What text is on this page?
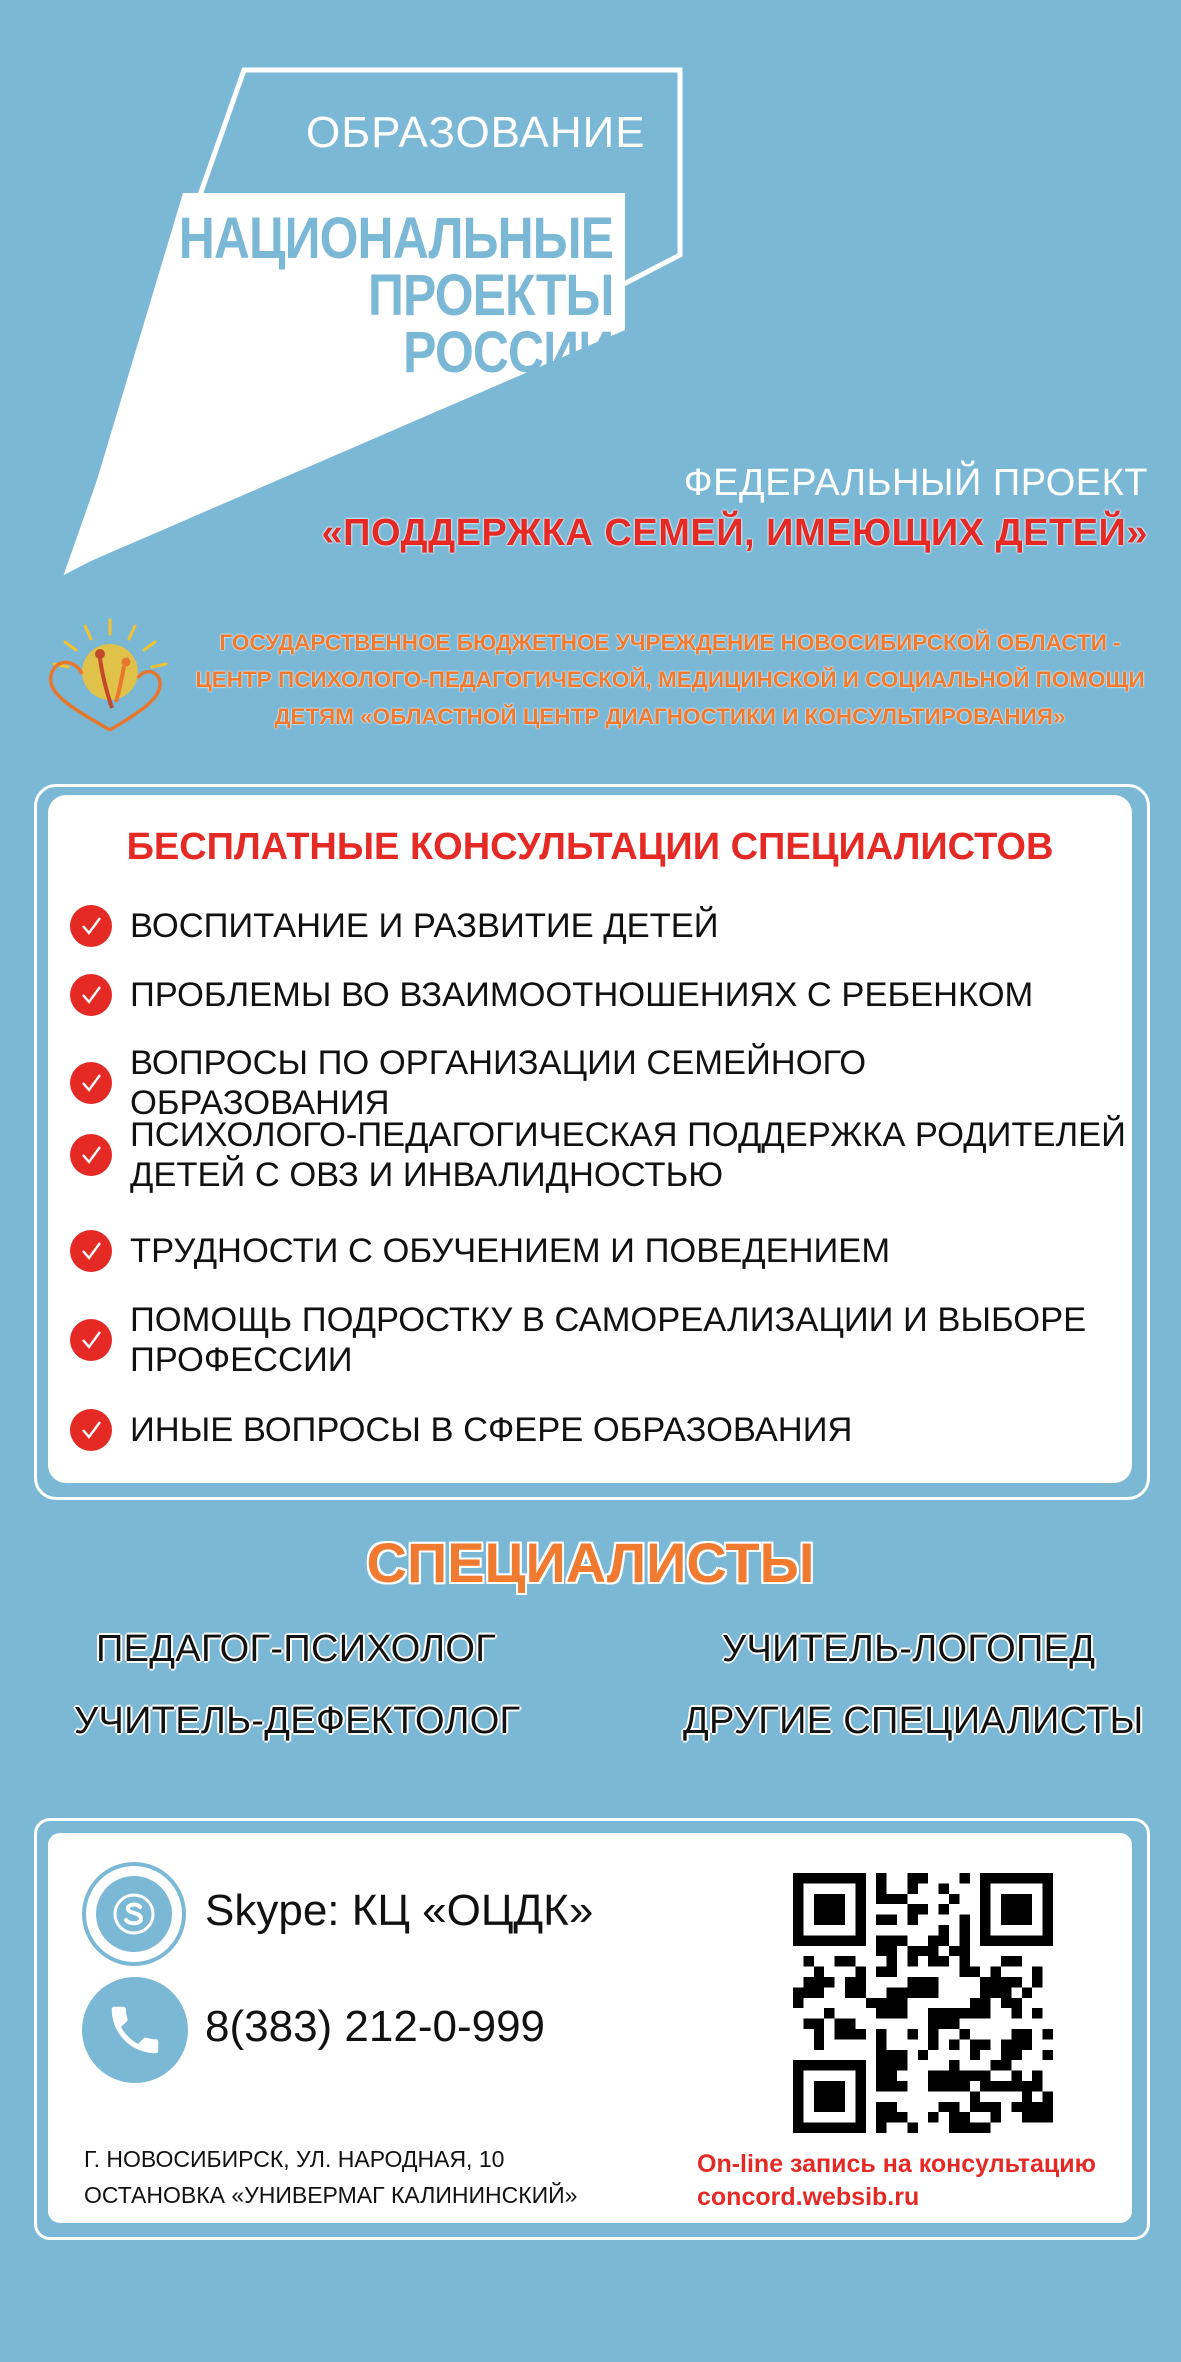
ОБРАЗОВАНИЕ
НАЦИОНАЛЬНЫЕ
ПРОЕКТЫ
РОССИИ
ФЕДЕРАЛЬНЫЙ ПРОЕКТ
«ПОДДЕРЖКА СЕМЕЙ, ИМЕЮЩИХ ДЕТЕЙ»
ГОСУДАРСТВЕННОЕ БЮДЖЕТНОЕ УЧРЕЖДЕНИЕ НОВОСИБИРСКОЙ ОБЛАСТИ -
ЦЕНТР ПСИХОЛОГО-ПЕДАГОГИЧЕСКОЙ, МЕДИЦИНСКОЙ И СОЦИАЛЬНОЙ ПОМОЩИ
ДЕТЯМ «ОБЛАСТНОЙ ЦЕНТР ДИАГНОСТИКИ И КОНСУЛЬТИРОВАНИЯ»
БЕСПЛАТНЫЕ КОНСУЛЬТАЦИИ СПЕЦИАЛИСТОВ
ВОСПИТАНИЕ И РАЗВИТИЕ ДЕТЕЙ
ПРОБЛЕМЫ ВО ВЗАИМООТНОШЕНИЯХ С РЕБЕНКОМ
ВОПРОСЫ ПО ОРГАНИЗАЦИИ СЕМЕЙНОГО ОБРАЗОВАНИЯ
ПСИХОЛОГО-ПЕДАГОГИЧЕСКАЯ ПОДДЕРЖКА РОДИТЕЛЕЙ
ДЕТЕЙ С ОВЗ И ИНВАЛИДНОСТЬЮ
ТРУДНОСТИ С ОБУЧЕНИЕМ И ПОВЕДЕНИЕМ
ПОМОЩЬ ПОДРОСТКУ В САМОРЕАЛИЗАЦИИ И ВЫБОРЕ
ПРОФЕССИИ
ИНЫЕ ВОПРОСЫ В СФЕРЕ ОБРАЗОВАНИЯ
СПЕЦИАЛИСТЫ
ПЕДАГОГ-ПСИХОЛОГ	УЧИТЕЛЬ-ЛОГОПЕД
УЧИТЕЛЬ-ДЕФЕКТОЛОГ	ДРУГИЕ СПЕЦИАЛИСТЫ
Skype: КЦ «ОЦДК»
8(383) 212-0-999
Г. НОВОСИБИРСК, УЛ. НАРОДНАЯ, 10
ОСТАНОВКА «УНИВЕРМАГ КАЛИНИНСКИЙ»
On-line запись на консультацию
concord.websib.ru
